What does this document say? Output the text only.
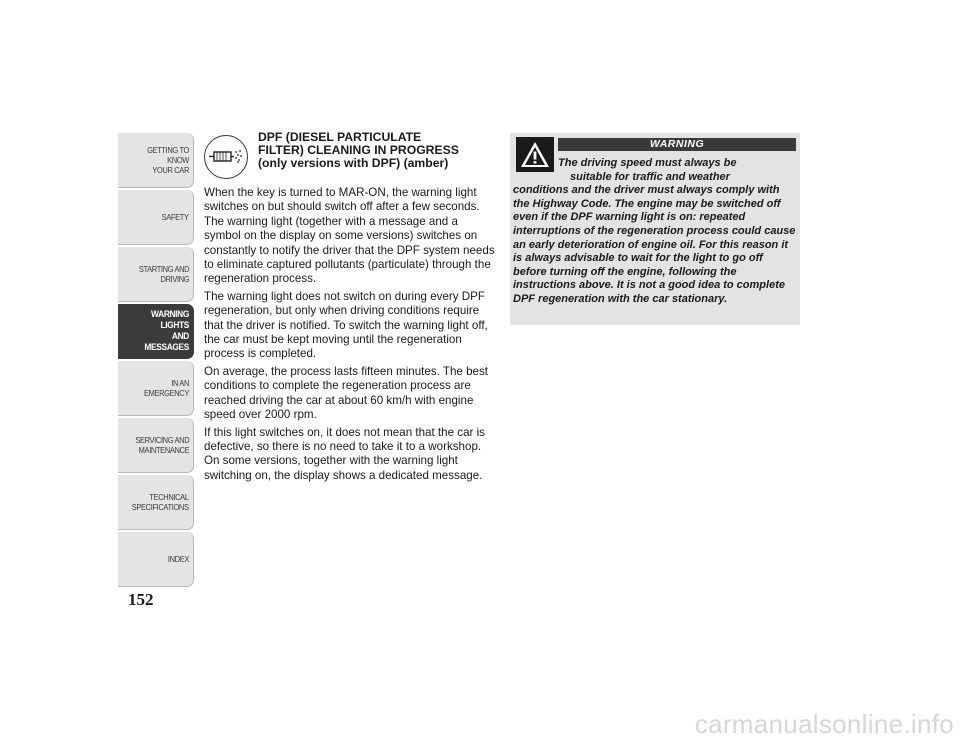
GETTING TO KNOW
YOUR CAR
SAFETY
STARTING AND
DRIVING
WARNING LIGHTS
AND MESSAGES
IN AN EMERGENCY
SERVICING AND
MAINTENANCE
TECHNICAL
SPECIFICATIONS
INDEX
152
DPF (DIESEL PARTICULATE
FILTER) CLEANING IN PROGRESS
(only versions with DPF) (amber)

When the key is turned to MAR-ON, the warning light switches on but should switch off after a few seconds. The warning light (together with a message and a symbol on the display on some versions) switches on constantly to notify the driver that the DPF system needs to eliminate captured pollutants (particulate) through the regeneration process.

The warning light does not switch on during every DPF regeneration, but only when driving conditions require that the driver is notified. To switch the warning light off, the car must be kept moving until the regeneration process is completed.

On average, the process lasts fifteen minutes. The best conditions to complete the regeneration process are reached driving the car at about 60 km/h with engine speed over 2000 rpm.

If this light switches on, it does not mean that the car is defective, so there is no need to take it to a workshop. On some versions, together with the warning light switching on, the display shows a dedicated message.

WARNING
The driving speed must always be
suitable for traffic and weather
conditions and the driver must always comply with the Highway Code. The engine may be switched off even if the DPF warning light is on: repeated interruptions of the regeneration process could cause an early deterioration of engine oil. For this reason it is always advisable to wait for the light to go off before turning off the engine, following the instructions above. It is not a good idea to complete DPF regeneration with the car stationary.
carmanualsonline.info
